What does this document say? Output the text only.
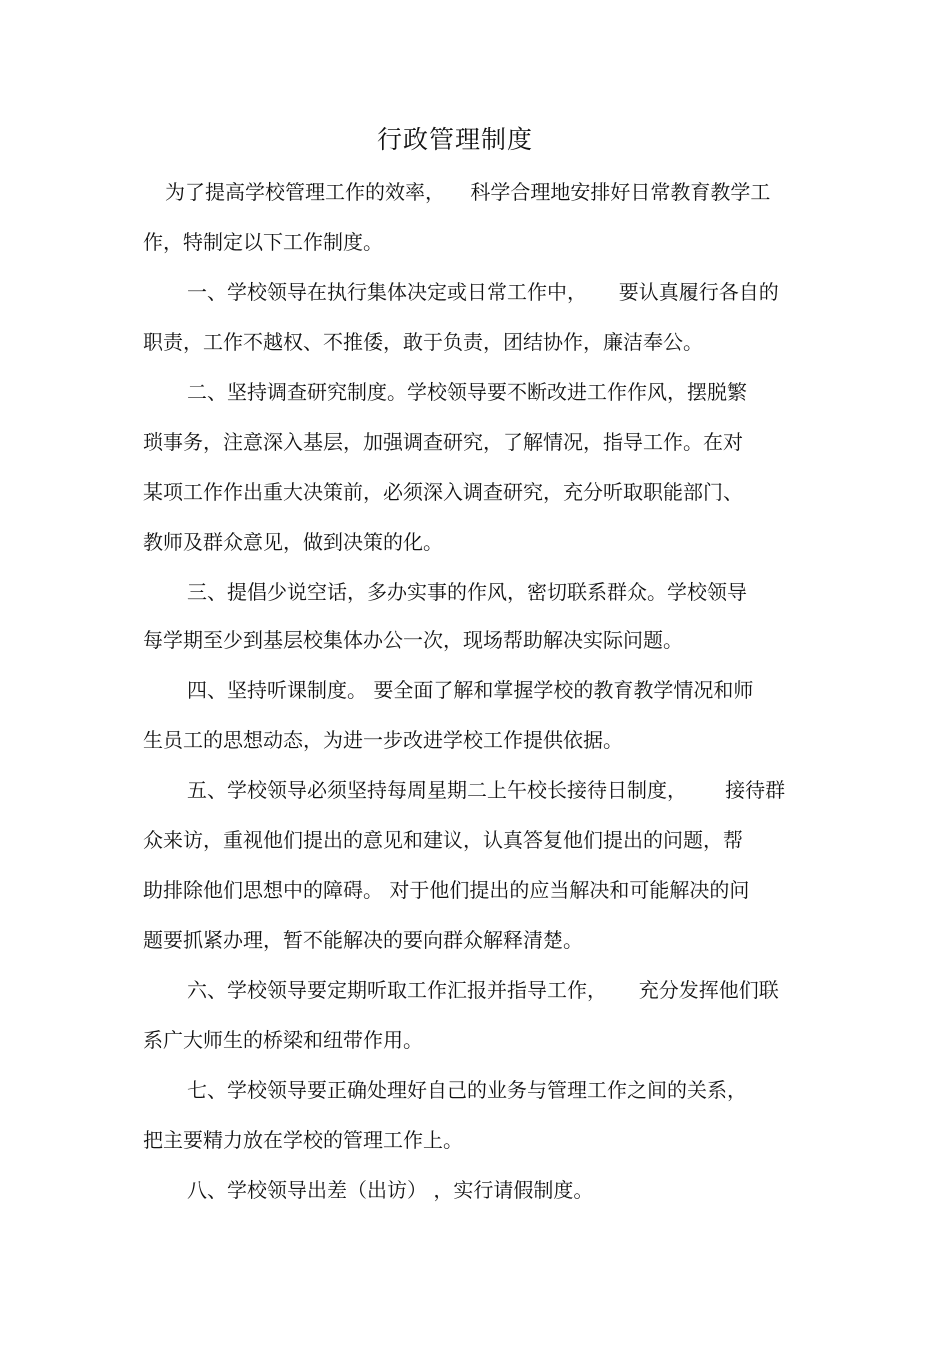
行政管理制度
为了提高学校管理工作的效率，    科学合理地安排好日常教育教学工
作，特制定以下工作制度。
一、学校领导在执行集体决定或日常工作中，     要认真履行各自的
职责，工作不越权、不推倭，敢于负责，团结协作，廉洁奉公。
二、坚持调查研究制度。学校领导要不断改进工作作风，摆脱繁
琐事务，注意深入基层，加强调查研究，了解情况，指导工作。在对
某项工作作出重大决策前，必须深入调查研究，充分听取职能部门、
教师及群众意见，做到决策的化。
三、提倡少说空话，多办实事的作风，密切联系群众。学校领导
每学期至少到基层校集体办公一次，现场帮助解决实际问题。
四、坚持听课制度。 要全面了解和掌握学校的教育教学情况和师
生员工的思想动态，为进一步改进学校工作提供依据。
五、学校领导必须坚持每周星期二上午校长接待日制度，      接待群
众来访，重视他们提出的意见和建议，认真答复他们提出的问题，帮
助排除他们思想中的障碍。 对于他们提出的应当解决和可能解决的问
题要抓紧办理，暂不能解决的要向群众解释清楚。
六、学校领导要定期听取工作汇报并指导工作，     充分发挥他们联
系广大师生的桥梁和纽带作用。
七、学校领导要正确处理好自己的业务与管理工作之间的关系，
把主要精力放在学校的管理工作上。
八、学校领导出差（出访） ，实行请假制度。
